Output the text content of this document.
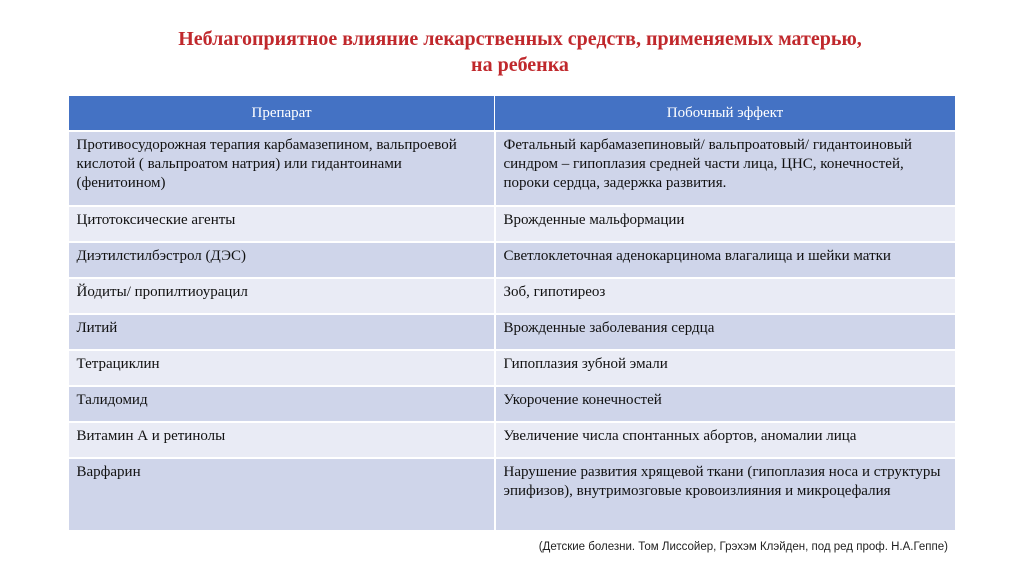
Неблагоприятное влияние лекарственных средств, применяемых матерью,
на ребенка
Препарат	Побочный эффект
Противосудорожная терапия карбамазепином, вальпроевой кислотой ( вальпроатом натрия) или гидантоинами (фенитоином)	Фетальный карбамазепиновый/ вальпроатовый/ гидантоиновый синдром – гипоплазия средней части лица, ЦНС, конечностей, пороки сердца, задержка развития.
Цитотоксические агенты	Врожденные мальформации
Диэтилстилбэстрол (ДЭС)	Светлоклеточная аденокарцинома влагалища и шейки матки
Йодиты/ пропилтиоурацил	Зоб, гипотиреоз
Литий	Врожденные заболевания сердца
Тетрациклин	Гипоплазия зубной эмали
Талидомид	Укорочение конечностей
Витамин А и ретинолы	Увеличение числа спонтанных абортов, аномалии лица
Варфарин	Нарушение развития хрящевой ткани (гипоплазия носа и структуры эпифизов), внутримозговые кровоизлияния и микроцефалия

(Детские болезни. Том Лиссойер, Грэхэм Клэйден, под ред проф. Н.А.Геппе)
